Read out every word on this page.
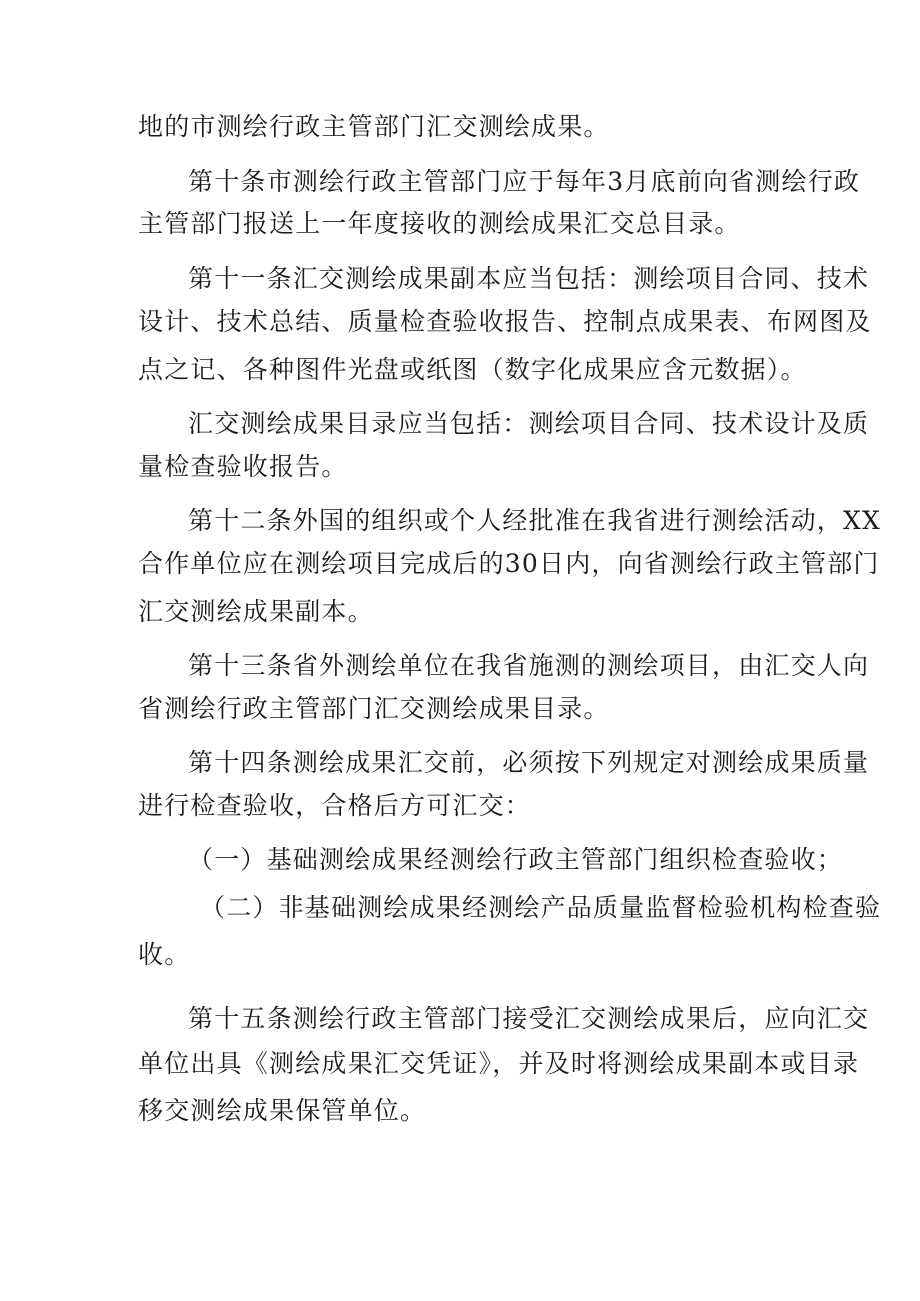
地的市测绘行政主管部门汇交测绘成果。
第十条市测绘行政主管部门应于每年3月底前向省测绘行政
主管部门报送上一年度接收的测绘成果汇交总目录。
第十一条汇交测绘成果副本应当包括：测绘项目合同、技术
设计、技术总结、质量检查验收报告、控制点成果表、布网图及
点之记、各种图件光盘或纸图（数字化成果应含元数据）。
汇交测绘成果目录应当包括：测绘项目合同、技术设计及质
量检查验收报告。
第十二条外国的组织或个人经批准在我省进行测绘活动，XX
合作单位应在测绘项目完成后的30日内，向省测绘行政主管部门
汇交测绘成果副本。
第十三条省外测绘单位在我省施测的测绘项目，由汇交人向
省测绘行政主管部门汇交测绘成果目录。
第十四条测绘成果汇交前，必须按下列规定对测绘成果质量
进行检查验收，合格后方可汇交：
（一）基础测绘成果经测绘行政主管部门组织检查验收；
（二）非基础测绘成果经测绘产品质量监督检验机构检查验
收。
第十五条测绘行政主管部门接受汇交测绘成果后，应向汇交
单位出具《测绘成果汇交凭证》，并及时将测绘成果副本或目录
移交测绘成果保管单位。
